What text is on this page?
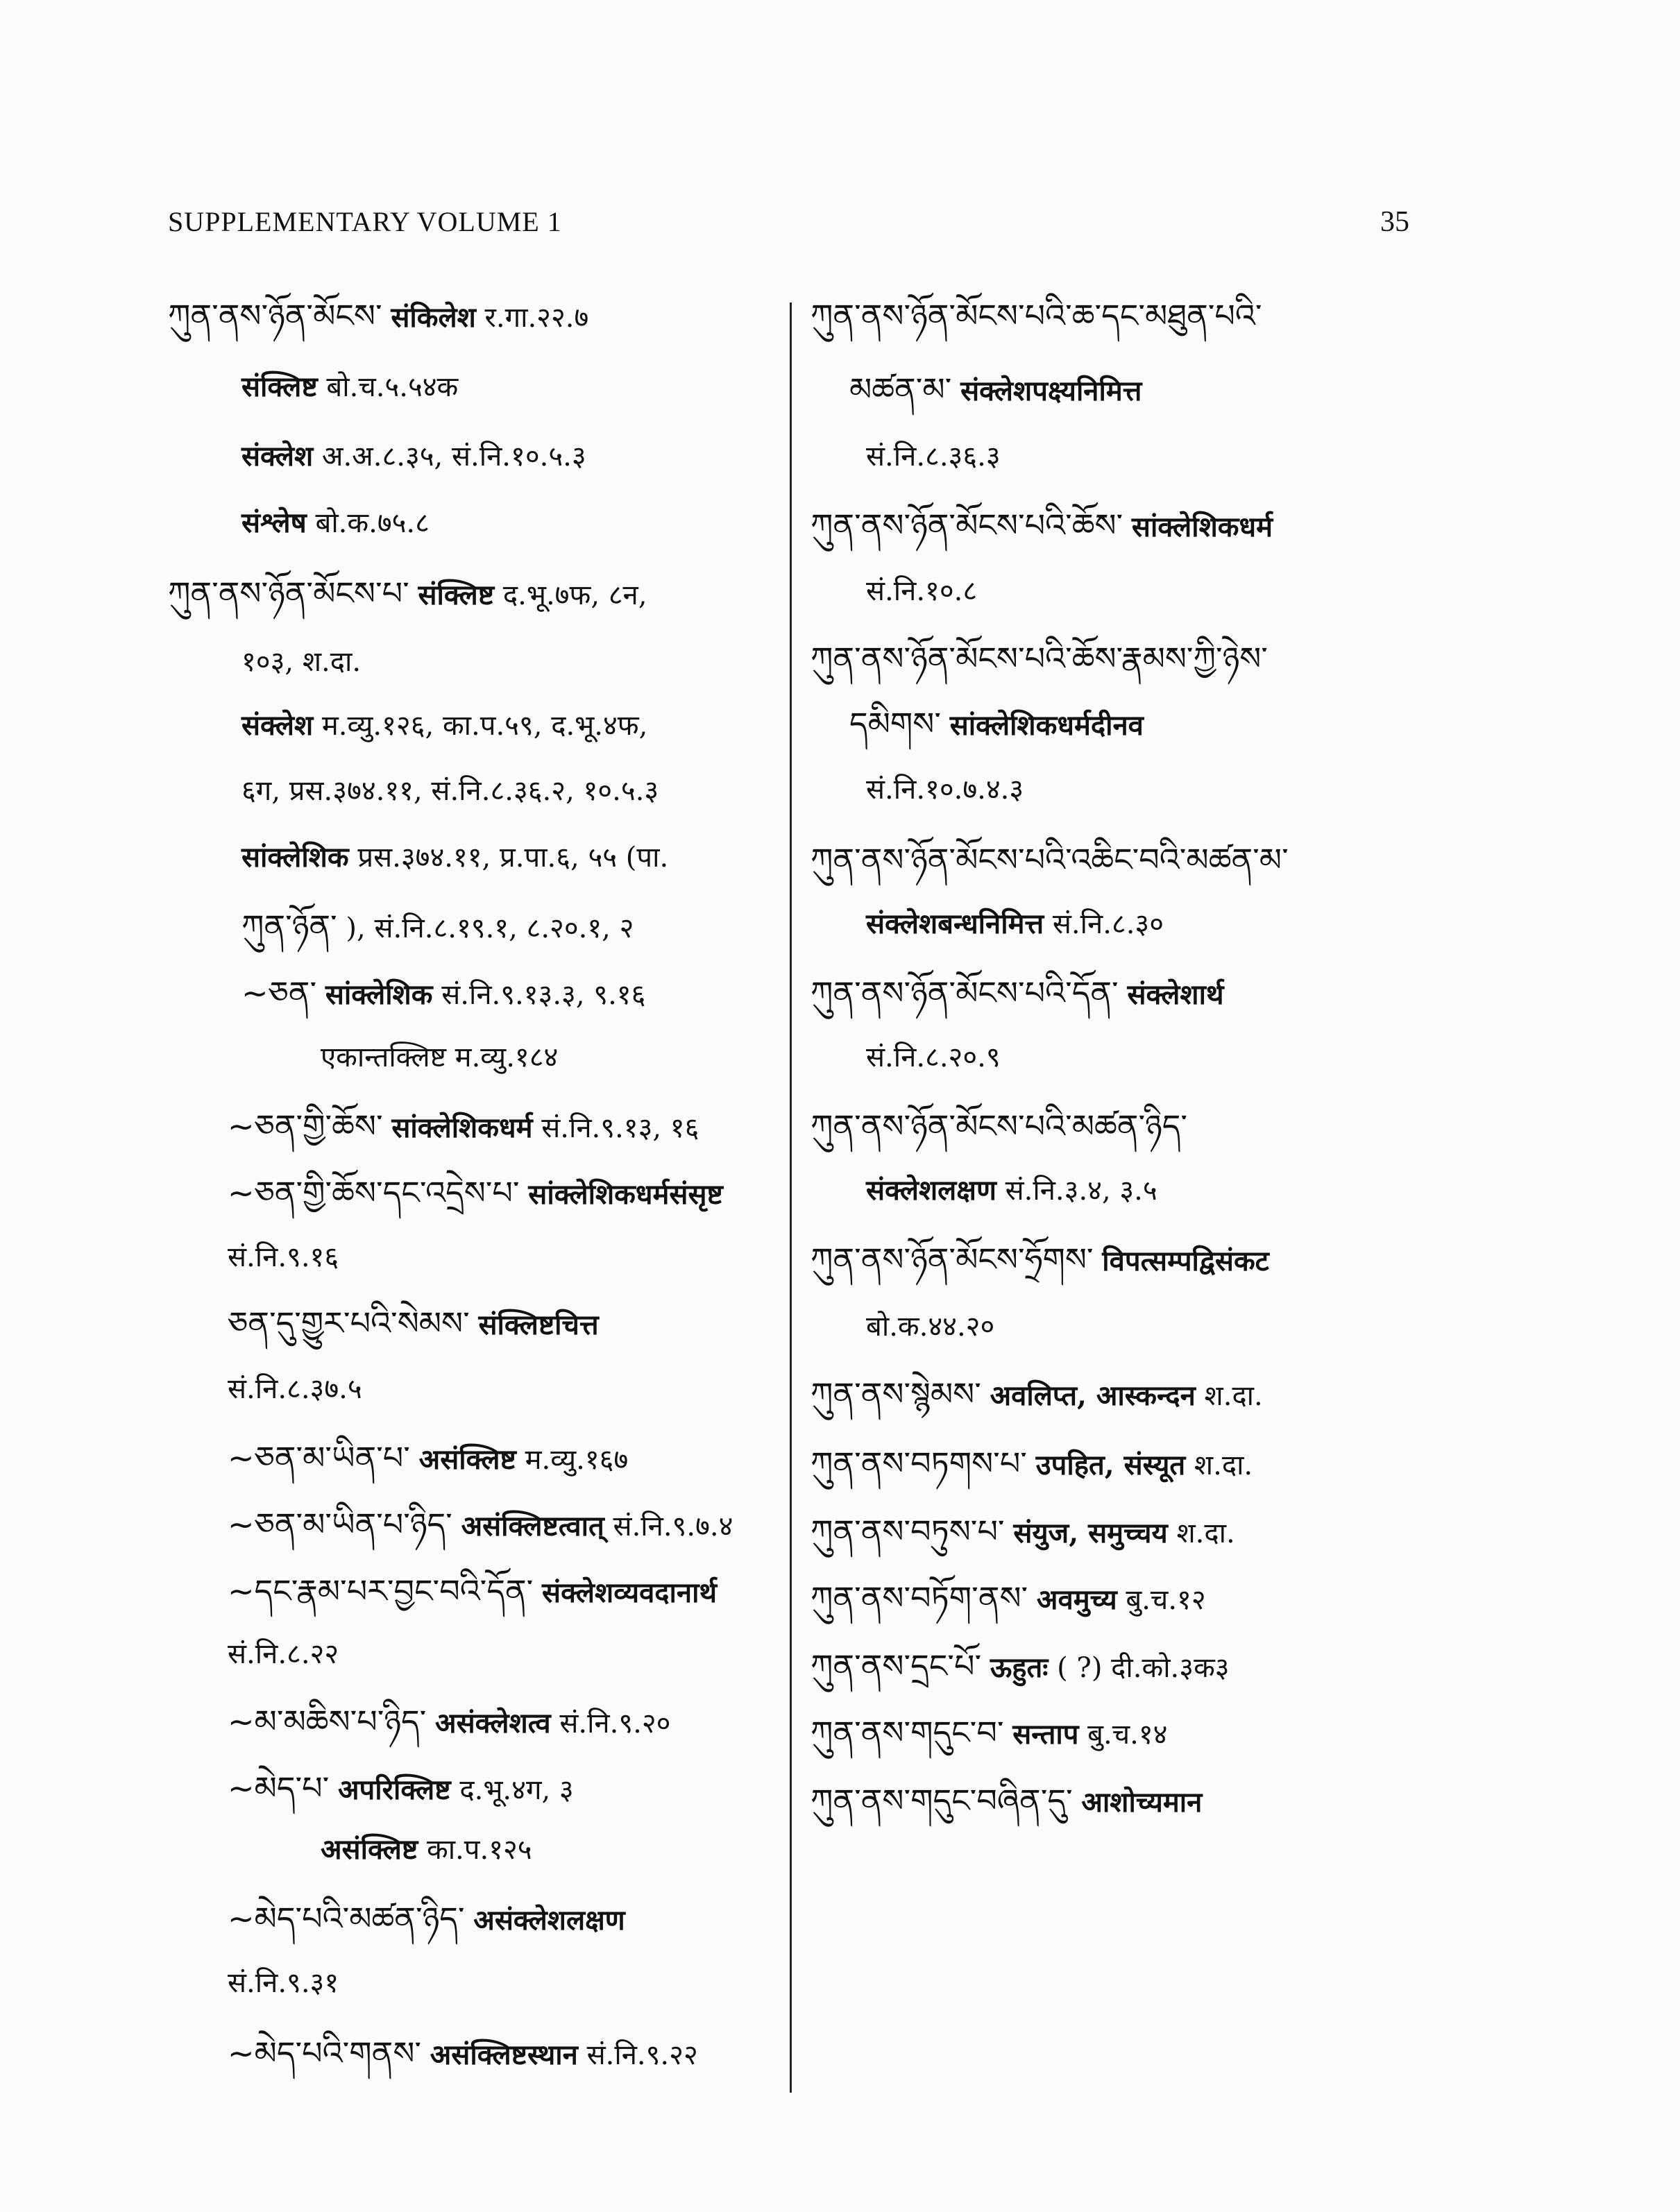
SUPPLEMENTARY VOLUME 1	35
ཀུན་ནས་ཉོན་མོངས་ संकिलेश र.गा.२२.७
संक्लिष्ट बो.च.५.५४क
संक्लेश अ.अ.८.३५, सं.नि.१०.५.३
संश्लेष बो.क.७५.८
ཀུན་ནས་ཉོན་མོངས་པ་ संक्लिष्ट द.भू.७फ, ८न,
१०३, श.दा.
संक्लेश म.व्यु.१२६, का.प.५९, द.भू.४फ,
६ग, प्रस.३७४.११, सं.नि.८.३६.२, १०.५.३
सांक्लेशिक प्रस.३७४.११, प्र.पा.६, ५५ (पा.
ཀུན་ཉོན་ ), सं.नि.८.१९.१, ८.२०.१, २
~ཅན་ सांक्लेशिक सं.नि.९.१३.३, ९.१६
एकान्तक्लिष्ट म.व्यु.१८४
~ཅན་གྱི་ཆོས་ सांक्लेशिकधर्म सं.नि.९.१३, १६
~ཅན་གྱི་ཆོས་དང་འདྲེས་པ་ सांक्लेशिकधर्मसंसृष्ट
सं.नि.९.१६
ཅན་དུ་གྱུར་པའི་སེམས་ संक्लिष्टचित्त
सं.नि.८.३७.५
~ཅན་མ་ཡིན་པ་ असंक्लिष्ट म.व्यु.१६७
~ཅན་མ་ཡིན་པ་ཉིད་ असंक्लिष्टत्वात् सं.नि.९.७.४
~དང་རྣམ་པར་བྱང་བའི་དོན་ संक्लेशव्यवदानार्थ
सं.नि.८.२२
~མ་མཆིས་པ་ཉིད་ असंक्लेशत्व सं.नि.९.२०
~མེད་པ་ अपरिक्लिष्ट द.भू.४ग, ३
असंक्लिष्ट का.प.१२५
~མེད་པའི་མཚན་ཉིད་ असंक्लेशलक्षण
सं.नि.९.३१
~མེད་པའི་གནས་ असंक्लिष्टस्थान सं.नि.९.२२
ཀུན་ནས་ཉོན་མོངས་པའི་ཆ་དང་མཐུན་པའི་
མཚན་མ་ संक्लेशपक्ष्यनिमित्त
सं.नि.८.३६.३
ཀུན་ནས་ཉོན་མོངས་པའི་ཆོས་ सांक्लेशिकधर्म
सं.नि.१०.८
ཀུན་ནས་ཉོན་མོངས་པའི་ཆོས་རྣམས་ཀྱི་ཉེས་
དམིགས་ सांक्लेशिकधर्मदीनव
सं.नि.१०.७.४.३
ཀུན་ནས་ཉོན་མོངས་པའི་འཆིང་བའི་མཚན་མ་
संक्लेशबन्धनिमित्त सं.नि.८.३०
ཀུན་ནས་ཉོན་མོངས་པའི་དོན་ संक्लेशार्थ
सं.नि.८.२०.९
ཀུན་ནས་ཉོན་མོངས་པའི་མཚན་ཉིད་
संक्लेशलक्षण सं.नि.३.४, ३.५
ཀུན་ནས་ཉོན་མོངས་ཧྲོགས་ विपत्सम्पद्विसंकट
बो.क.४४.२०
ཀུན་ནས་སྙེམས་ अवलिप्त, आस्कन्दन श.दा.
ཀུན་ནས་བཏགས་པ་ उपहित, संस्यूत श.दा.
ཀུན་ནས་བཏུས་པ་ संयुज, समुच्चय श.दा.
ཀུན་ནས་བཏོག་ནས་ अवमुच्य बु.च.१२
ཀུན་ནས་དྲང་པོ་ ऊहुतः ( ?) दी.को.३क३
ཀུན་ནས་གདུང་བ་ सन्ताप बु.च.१४
ཀུན་ནས་གདུང་བཞིན་དུ་ आशोच्यमान
